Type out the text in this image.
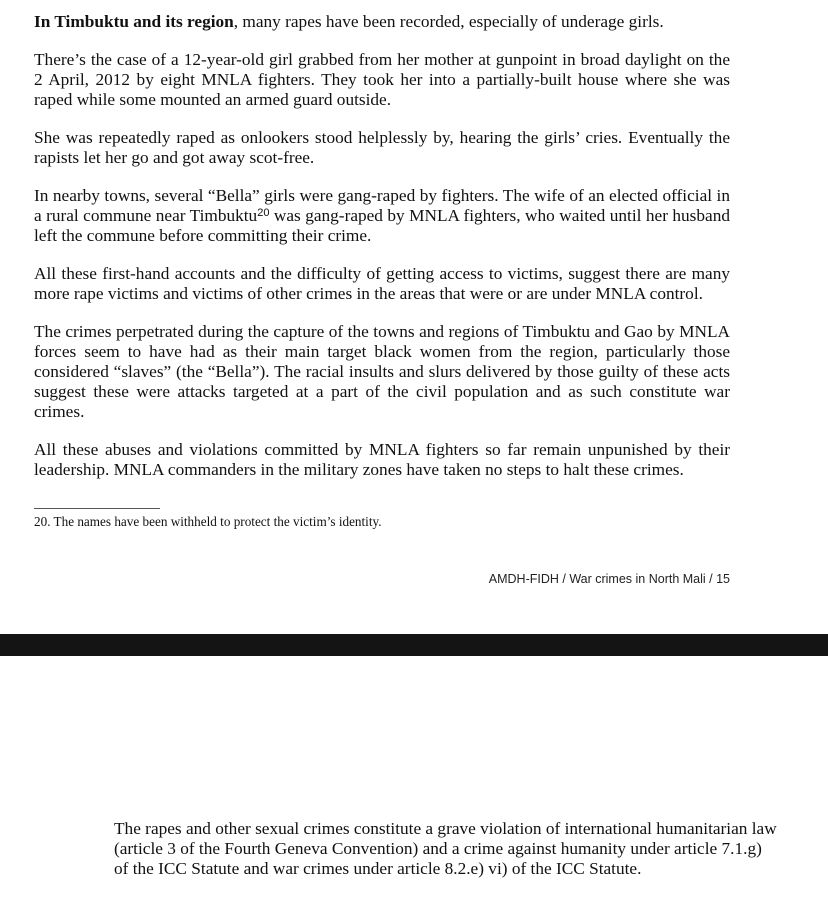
In Timbuktu and its region, many rapes have been recorded, especially of underage girls.

There’s the case of a 12-year-old girl grabbed from her mother at gunpoint in broad daylight on the 2 April, 2012 by eight MNLA fighters. They took her into a partially-built house where she was raped while some mounted an armed guard outside.

She was repeatedly raped as onlookers stood helplessly by, hearing the girls’ cries. Eventually the rapists let her go and got away scot-free.

In nearby towns, several “Bella” girls were gang-raped by fighters. The wife of an elected official in a rural commune near Timbuktu$^{20}$ was gang-raped by MNLA fighters, who waited until her husband left the commune before committing their crime.

All these first-hand accounts and the difficulty of getting access to victims, suggest there are many more rape victims and victims of other crimes in the areas that were or are under MNLA control.

The crimes perpetrated during the capture of the towns and regions of Timbuktu and Gao by MNLA forces seem to have had as their main target black women from the region, particularly those considered “slaves” (the “Bella”). The racial insults and slurs delivered by those guilty of these acts suggest these were attacks targeted at a part of the civil population and as such constitute war crimes.

All these abuses and violations committed by MNLA fighters so far remain unpunished by their leadership. MNLA commanders in the military zones have taken no steps to halt these crimes.

20. The names have been withheld to protect the victim’s identity.

AMDH-FIDH / War crimes in North Mali / 15

The rapes and other sexual crimes constitute a grave violation of international humanitarian law
(article 3 of the Fourth Geneva Convention) and a crime against humanity under article 7.1.g)
of the ICC Statute and war crimes under article 8.2.e) vi) of the ICC Statute.
